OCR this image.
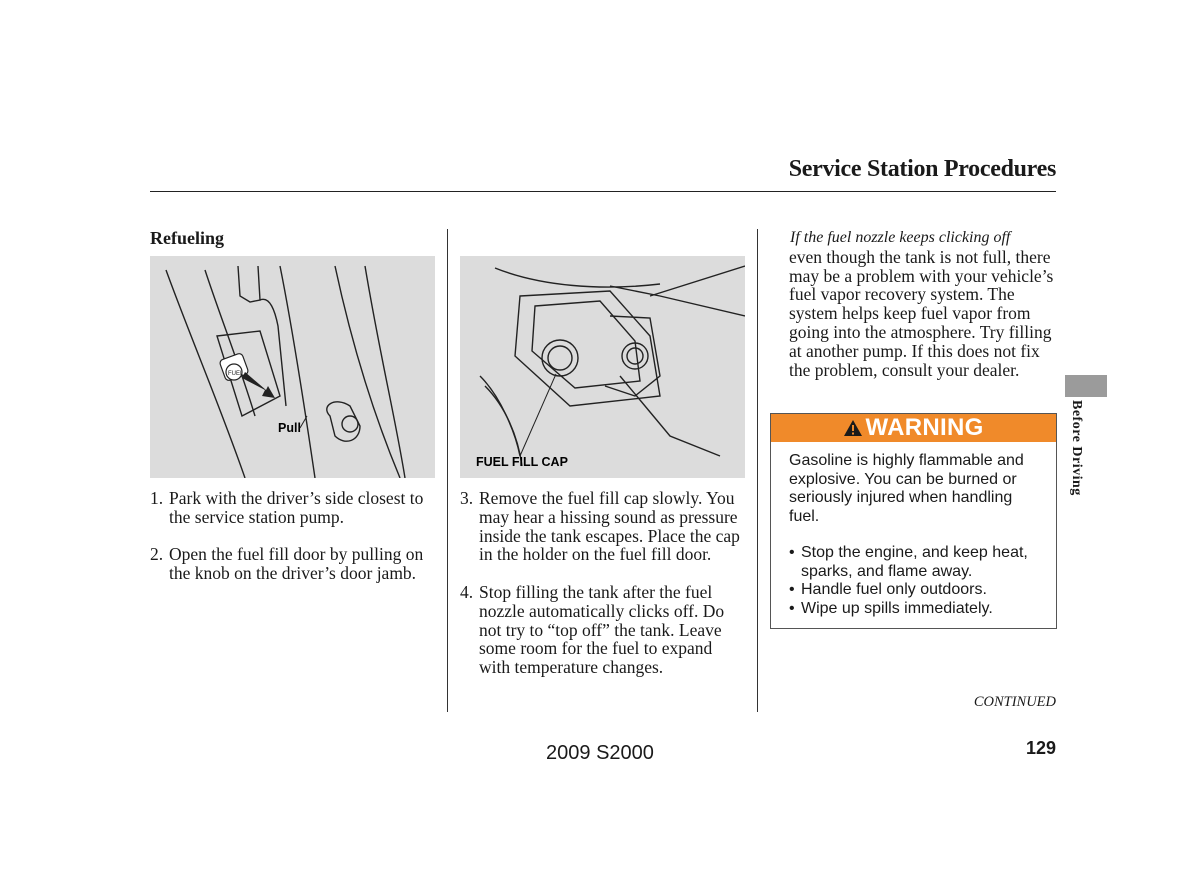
Service Station Procedures
Refueling
Pull
FUEL
FUEL FILL CAP
1. Park with the driver’s side closest to the service station pump.
2. Open the fuel fill door by pulling on the knob on the driver’s door jamb.
3. Remove the fuel fill cap slowly. You may hear a hissing sound as pressure inside the tank escapes. Place the cap in the holder on the fuel fill door.
4. Stop filling the tank after the fuel nozzle automatically clicks off. Do not try to “top off” the tank. Leave some room for the fuel to expand with temperature changes.
If the fuel nozzle keeps clicking off
even though the tank is not full, there may be a problem with your vehicle’s fuel vapor recovery system. The system helps keep fuel vapor from going into the atmosphere. Try filling at another pump. If this does not fix the problem, consult your dealer.
WARNING
Gasoline is highly flammable and explosive. You can be burned or seriously injured when handling fuel.
• Stop the engine, and keep heat, sparks, and flame away.
• Handle fuel only outdoors.
• Wipe up spills immediately.
Before Driving
CONTINUED
2009 S2000	129
